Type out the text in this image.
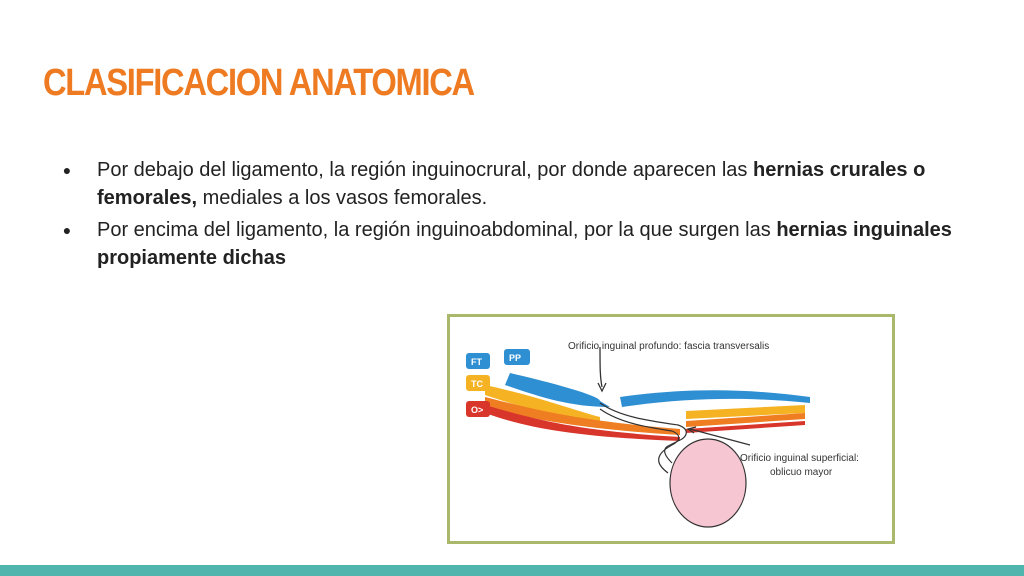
CLASIFICACION ANATOMICA
● Por debajo del ligamento, la región inguinocrural, por donde aparecen las hernias crurales o femorales, mediales a los vasos femorales.
● Por encima del ligamento, la región inguinoabdominal, por la que surgen las hernias inguinales propiamente dichas
FT
TC
O>
PP
Orificio inguinal profundo: fascia transversalis
Orificio inguinal superficial:
oblicuo mayor
